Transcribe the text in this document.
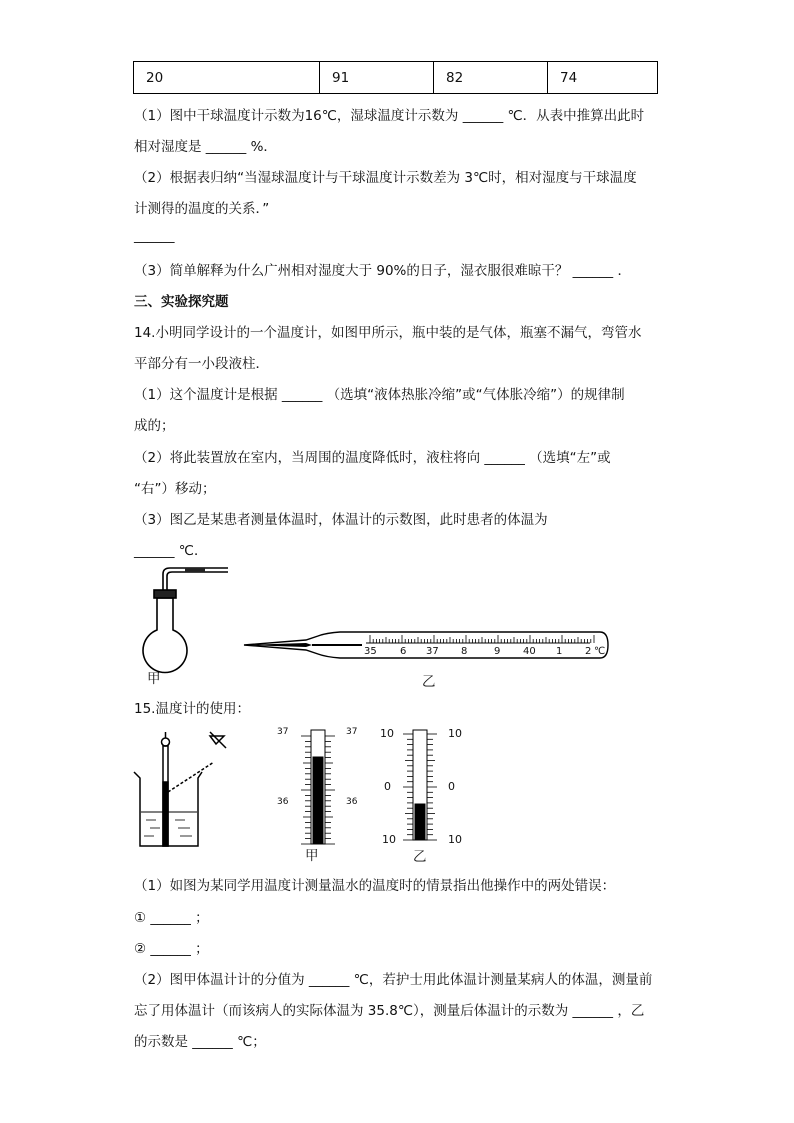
20	91	82	74
（1）图中干球温度计示数为16℃，湿球温度计示数为 ______ ℃．从表中推算出此时
相对湿度是 ______ %．
（2）根据表归纳“当湿球温度计与干球温度计示数差为 3℃时，相对湿度与干球温度
计测得的温度的关系．”
______
（3）简单解释为什么广州相对湿度大于 90%的日子，湿衣服很难晾干？ ______ ．
三、实验探究题
14.小明同学设计的一个温度计，如图甲所示，瓶中装的是气体，瓶塞不漏气，弯管水
平部分有一小段液柱．
（1）这个温度计是根据 ______ （选填“液体热胀冷缩”或“气体胀冷缩”）的规律制
成的；
（2）将此装置放在室内，当周围的温度降低时，液柱将向 ______ （选填“左”或
“右”）移动；
（3）图乙是某患者测量体温时，体温计的示数图，此时患者的体温为
______ ℃．
甲	乙
35 6 37 8	9 40 1 2 ℃
15.温度计的使用：
37	37
36	36
甲
10	10
0	0
10	10
乙
（1）如图为某同学用温度计测量温水的温度时的情景指出他操作中的两处错误：
① ______ ；
② ______ ；
（2）图甲体温计计的分值为 ______ ℃，若护士用此体温计测量某病人的体温，测量前
忘了用体温计（而该病人的实际体温为 35.8℃），测量后体温计的示数为 ______ ，乙
的示数是 ______ ℃；
